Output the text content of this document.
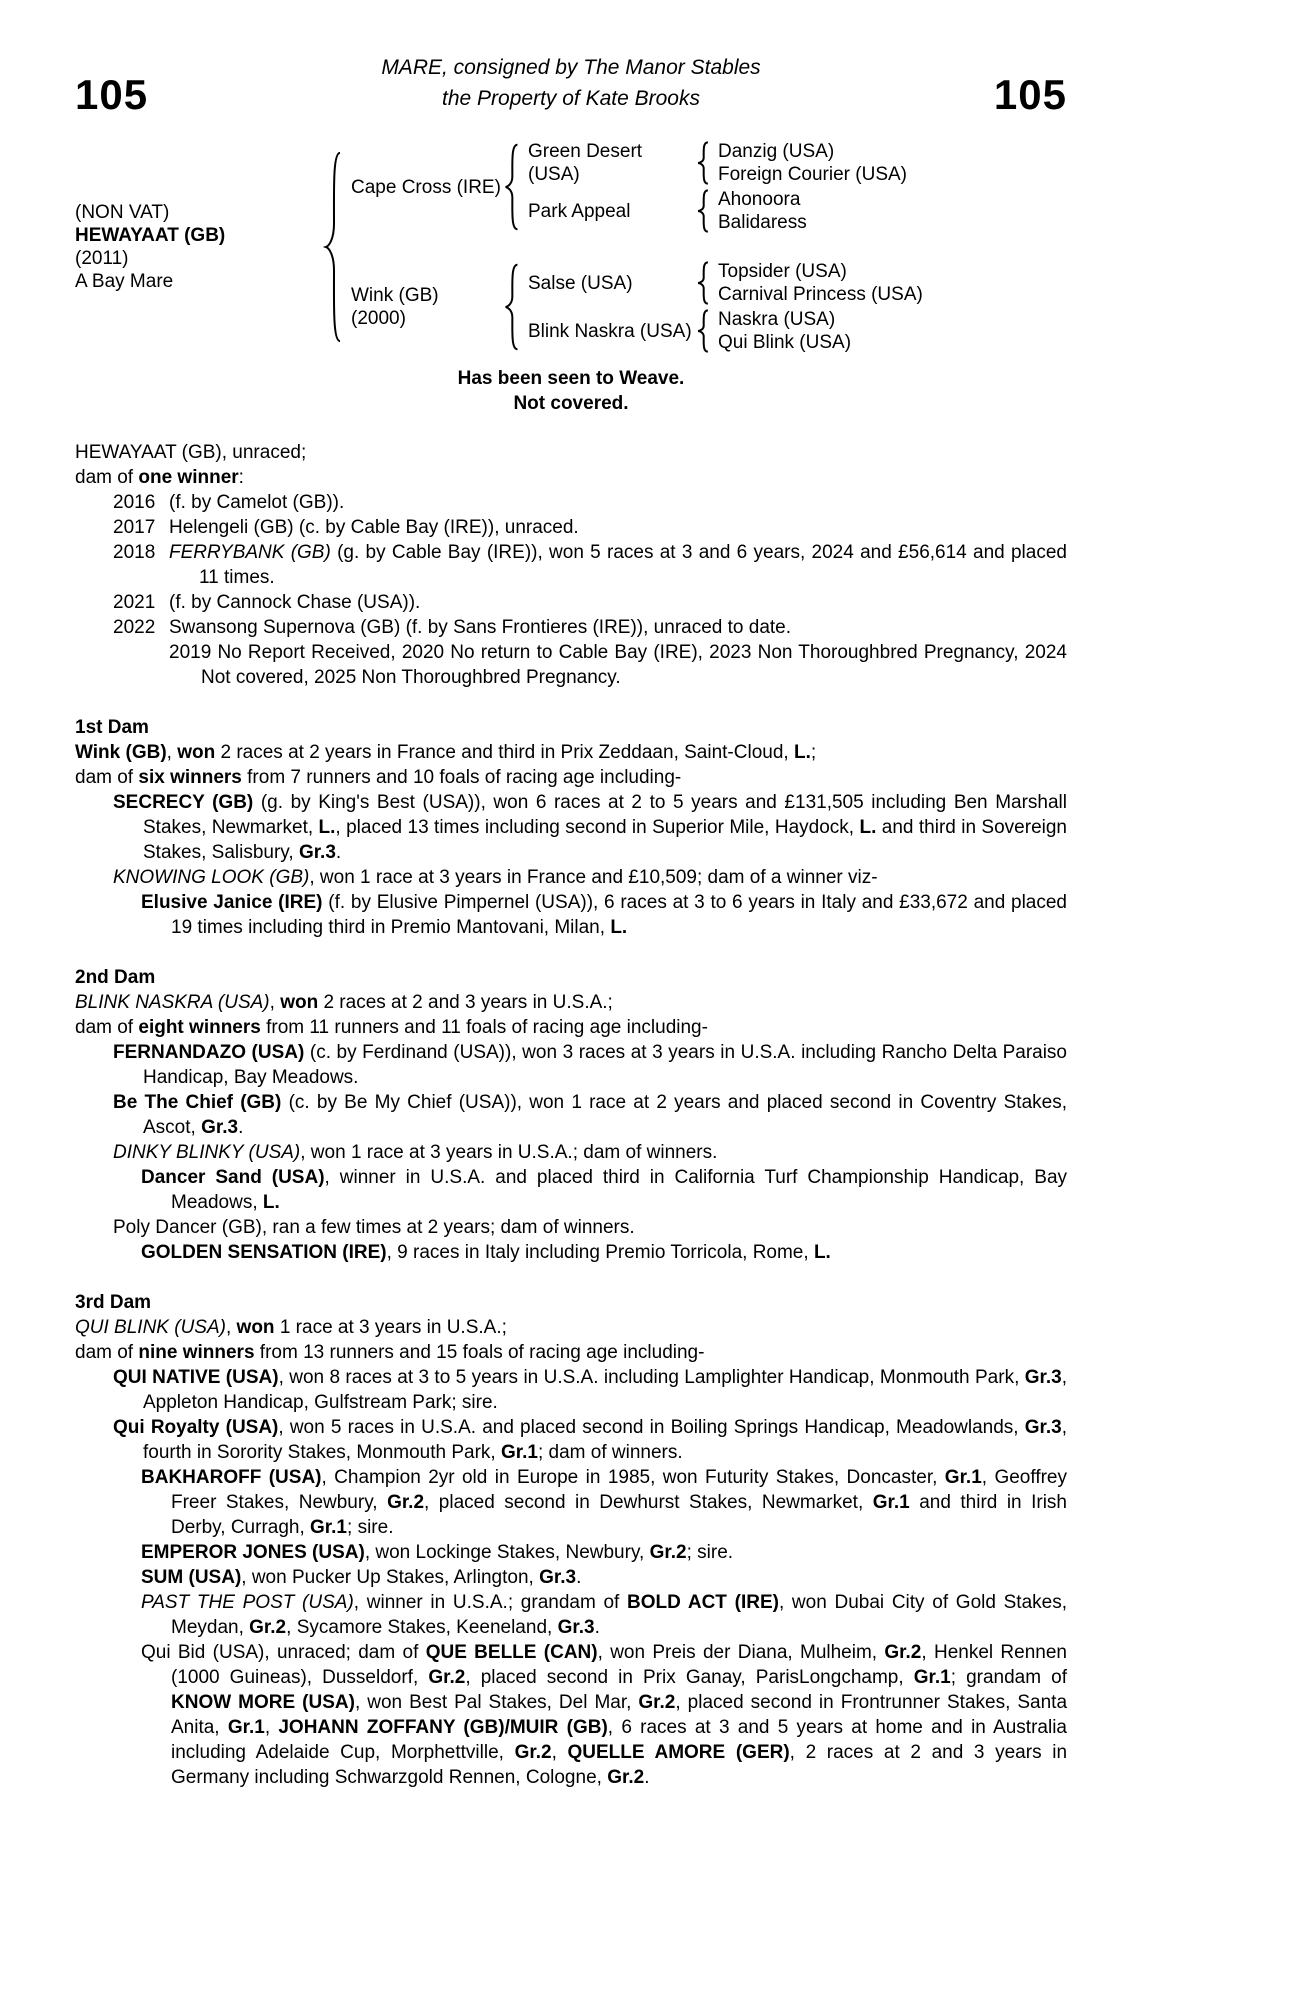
105
MARE, consigned by The Manor Stables
the Property of Kate Brooks	105
(NON VAT)
HEWAYAAT (GB)
(2011)
A Bay Mare
Cape Cross (IRE)
Green Desert (USA)
Danzig (USA)
Foreign Courier (USA)
Park Appeal
Ahonoora
Balidaress
Wink (GB)
(2000)
Salse (USA)
Topsider (USA)
Carnival Princess (USA)
Blink Naskra (USA)
Naskra (USA)
Qui Blink (USA)
Has been seen to Weave.
Not covered.

HEWAYAAT (GB), unraced;

dam of one winner:

2016 (f. by Camelot (GB)).

2017 Helengeli (GB) (c. by Cable Bay (IRE)), unraced.

2018 FERRYBANK (GB) (g. by Cable Bay (IRE)), won 5 races at 3 and 6 years, 2024 and £56,614 and placed 11 times.

2021 (f. by Cannock Chase (USA)).

2022 Swansong Supernova (GB) (f. by Sans Frontieres (IRE)), unraced to date.

2019 No Report Received, 2020 No return to Cable Bay (IRE), 2023 Non Thoroughbred Pregnancy, 2024 Not covered, 2025 Non Thoroughbred Pregnancy.

1st Dam

Wink (GB), won 2 races at 2 years in France and third in Prix Zeddaan, Saint-Cloud, L.;

dam of six winners from 7 runners and 10 foals of racing age including-

SECRECY (GB) (g. by King's Best (USA)), won 6 races at 2 to 5 years and £131,505 including Ben Marshall Stakes, Newmarket, L., placed 13 times including second in Superior Mile, Haydock, L. and third in Sovereign Stakes, Salisbury, Gr.3.

KNOWING LOOK (GB), won 1 race at 3 years in France and £10,509; dam of a winner viz-

Elusive Janice (IRE) (f. by Elusive Pimpernel (USA)), 6 races at 3 to 6 years in Italy and £33,672 and placed 19 times including third in Premio Mantovani, Milan, L.

2nd Dam

BLINK NASKRA (USA), won 2 races at 2 and 3 years in U.S.A.;

dam of eight winners from 11 runners and 11 foals of racing age including-

FERNANDAZO (USA) (c. by Ferdinand (USA)), won 3 races at 3 years in U.S.A. including Rancho Delta Paraiso Handicap, Bay Meadows.

Be The Chief (GB) (c. by Be My Chief (USA)), won 1 race at 2 years and placed second in Coventry Stakes, Ascot, Gr.3.

DINKY BLINKY (USA), won 1 race at 3 years in U.S.A.; dam of winners.

Dancer Sand (USA), winner in U.S.A. and placed third in California Turf Championship Handicap, Bay Meadows, L.

Poly Dancer (GB), ran a few times at 2 years; dam of winners.

GOLDEN SENSATION (IRE), 9 races in Italy including Premio Torricola, Rome, L.

3rd Dam

QUI BLINK (USA), won 1 race at 3 years in U.S.A.;

dam of nine winners from 13 runners and 15 foals of racing age including-

QUI NATIVE (USA), won 8 races at 3 to 5 years in U.S.A. including Lamplighter Handicap, Monmouth Park, Gr.3, Appleton Handicap, Gulfstream Park; sire.

Qui Royalty (USA), won 5 races in U.S.A. and placed second in Boiling Springs Handicap, Meadowlands, Gr.3, fourth in Sorority Stakes, Monmouth Park, Gr.1; dam of winners.

BAKHAROFF (USA), Champion 2yr old in Europe in 1985, won Futurity Stakes, Doncaster, Gr.1, Geoffrey Freer Stakes, Newbury, Gr.2, placed second in Dewhurst Stakes, Newmarket, Gr.1 and third in Irish Derby, Curragh, Gr.1; sire.

EMPEROR JONES (USA), won Lockinge Stakes, Newbury, Gr.2; sire.

SUM (USA), won Pucker Up Stakes, Arlington, Gr.3.

PAST THE POST (USA), winner in U.S.A.; grandam of BOLD ACT (IRE), won Dubai City of Gold Stakes, Meydan, Gr.2, Sycamore Stakes, Keeneland, Gr.3.

Qui Bid (USA), unraced; dam of QUE BELLE (CAN), won Preis der Diana, Mulheim, Gr.2, Henkel Rennen (1000 Guineas), Dusseldorf, Gr.2, placed second in Prix Ganay, ParisLongchamp, Gr.1; grandam of KNOW MORE (USA), won Best Pal Stakes, Del Mar, Gr.2, placed second in Frontrunner Stakes, Santa Anita, Gr.1, JOHANN ZOFFANY (GB)/MUIR (GB), 6 races at 3 and 5 years at home and in Australia including Adelaide Cup, Morphettville, Gr.2, QUELLE AMORE (GER), 2 races at 2 and 3 years in Germany including Schwarzgold Rennen, Cologne, Gr.2.
